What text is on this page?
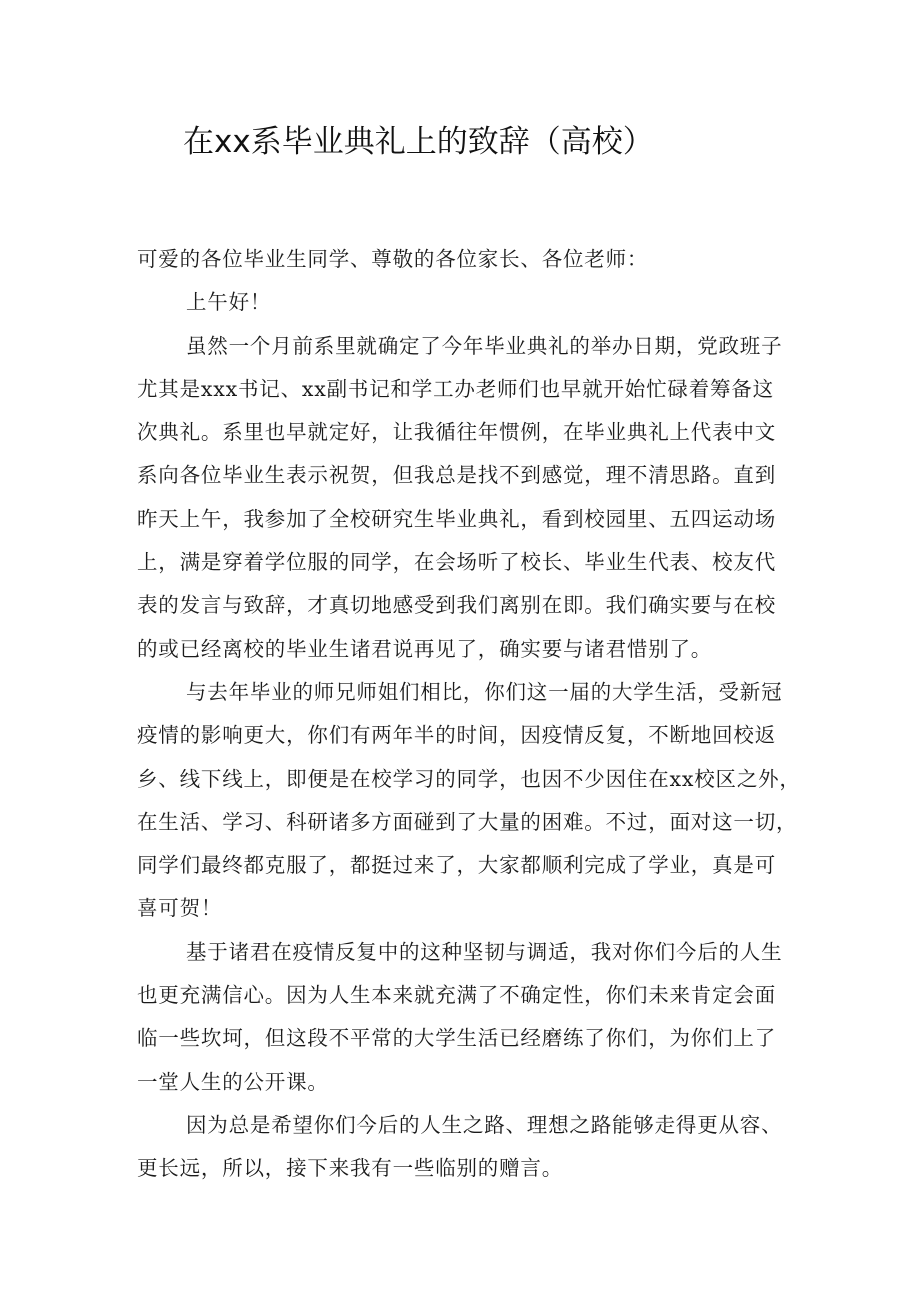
在xx系毕业典礼上的致辞（高校）
可爱的各位毕业生同学、尊敬的各位家长、各位老师：
上午好！
虽然一个月前系里就确定了今年毕业典礼的举办日期，党政班子
尤其是xxx书记、xx副书记和学工办老师们也早就开始忙碌着筹备这
次典礼。系里也早就定好，让我循往年惯例，在毕业典礼上代表中文
系向各位毕业生表示祝贺，但我总是找不到感觉，理不清思路。直到
昨天上午，我参加了全校研究生毕业典礼，看到校园里、五四运动场
上，满是穿着学位服的同学，在会场听了校长、毕业生代表、校友代
表的发言与致辞，才真切地感受到我们离别在即。我们确实要与在校
的或已经离校的毕业生诸君说再见了，确实要与诸君惜别了。
与去年毕业的师兄师姐们相比，你们这一届的大学生活，受新冠
疫情的影响更大，你们有两年半的时间，因疫情反复，不断地回校返
乡、线下线上，即便是在校学习的同学，也因不少因住在xx校区之外，
在生活、学习、科研诸多方面碰到了大量的困难。不过，面对这一切，
同学们最终都克服了，都挺过来了，大家都顺利完成了学业，真是可
喜可贺！
基于诸君在疫情反复中的这种坚韧与调适，我对你们今后的人生
也更充满信心。因为人生本来就充满了不确定性，你们未来肯定会面
临一些坎坷，但这段不平常的大学生活已经磨练了你们，为你们上了
一堂人生的公开课。
因为总是希望你们今后的人生之路、理想之路能够走得更从容、
更长远，所以，接下来我有一些临别的赠言。
